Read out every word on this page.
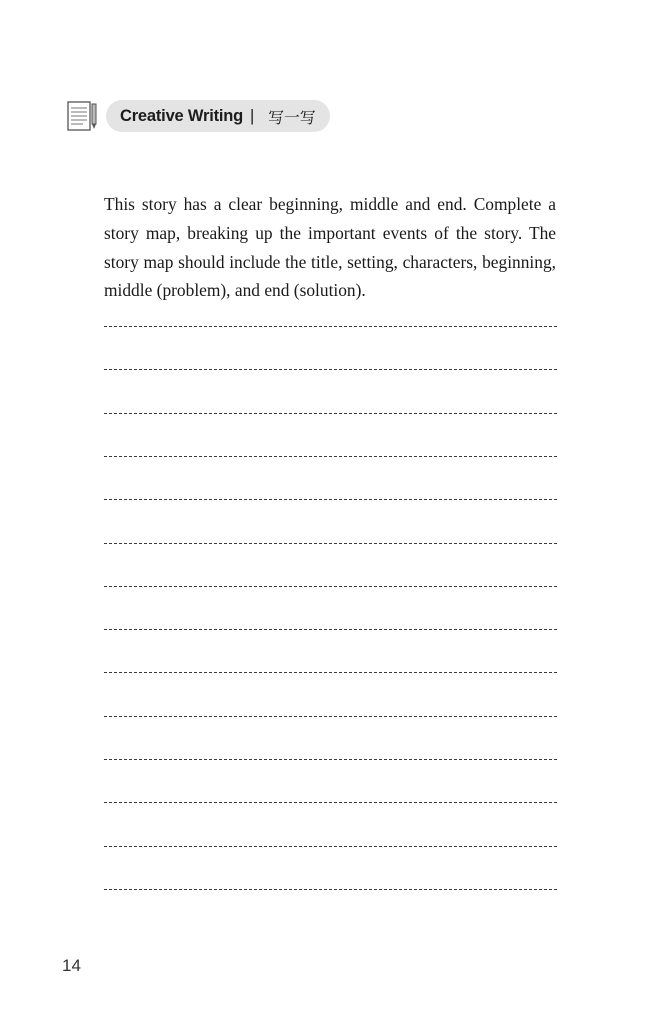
Creative Writing | 写一写

This story has a clear beginning, middle and end. Complete a story map, breaking up the important events of the story. The story map should include the title, setting, characters, beginning, middle (problem), and end (solution).

14
